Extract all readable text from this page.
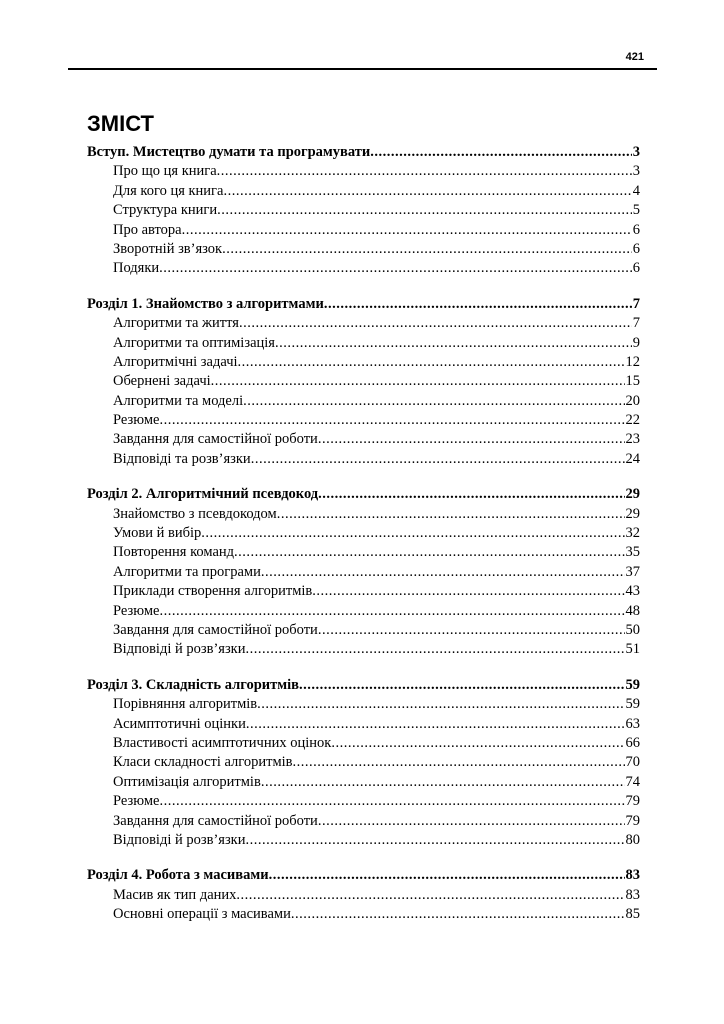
421
ЗМІСТ
Вступ. Мистецтво думати та програмувати .....	3
Про що ця книга .....	3
Для кого ця книга .....	4
Структура книги .....	5
Про автора .....	6
Зворотній зв’язок .....	6
Подяки .....	6
Розділ 1. Знайомство з алгоритмами .....	7
Алгоритми та життя .....	7
Алгоритми та оптимізація .....	9
Алгоритмічні задачі .....	12
Обернені задачі .....	15
Алгоритми та моделі .....	20
Резюме .....	22
Завдання для самостійної роботи .....	23
Відповіді та розв’язки .....	24
Розділ 2. Алгоритмічний псевдокод .....	29
Знайомство з псевдокодом .....	29
Умови й вибір .....	32
Повторення команд .....	35
Алгоритми та програми .....	37
Приклади створення алгоритмів .....	43
Резюме .....	48
Завдання для самостійної роботи .....	50
Відповіді й розв’язки .....	51
Розділ 3. Складність алгоритмів .....	59
Порівняння алгоритмів .....	59
Асимптотичні оцінки .....	63
Властивості асимптотичних оцінок .....	66
Класи складності алгоритмів .....	70
Оптимізація алгоритмів .....	74
Резюме .....	79
Завдання для самостійної роботи .....	79
Відповіді й розв’язки .....	80
Розділ 4. Робота з масивами .....	83
Масив як тип даних .....	83
Основні операції з масивами .....	85
